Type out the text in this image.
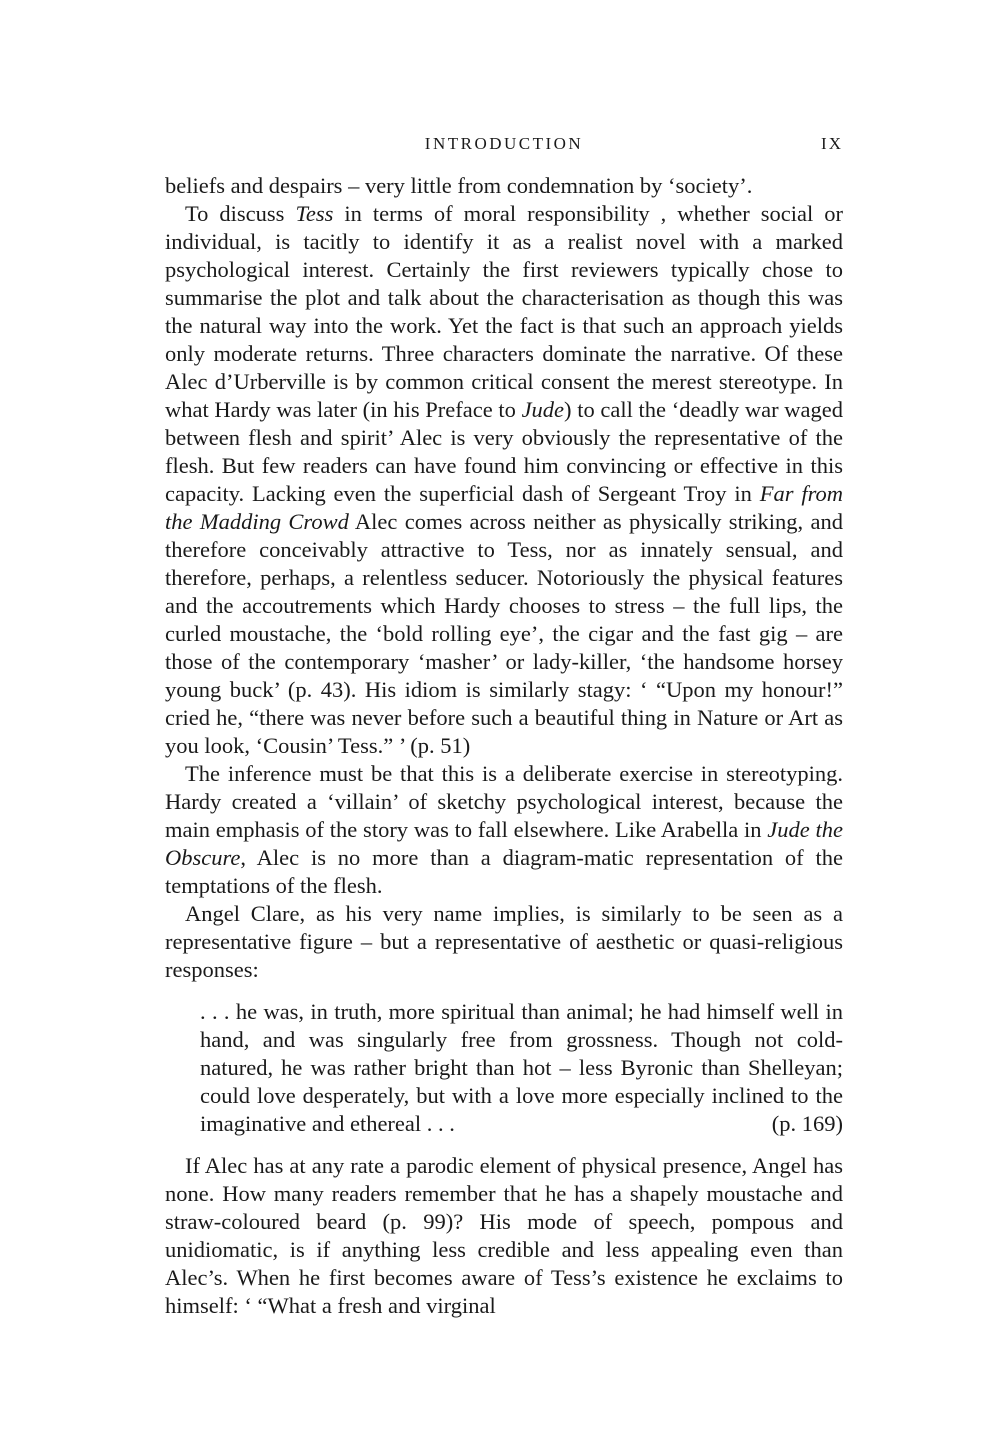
INTRODUCTION	IX

beliefs and despairs – very little from condemnation by ‘society’.

To discuss Tess in terms of moral responsibility , whether social or individual, is tacitly to identify it as a realist novel with a marked psychological interest. Certainly the first reviewers typically chose to summarise the plot and talk about the characterisation as though this was the natural way into the work. Yet the fact is that such an approach yields only moderate returns. Three characters dominate the narrative. Of these Alec d’Urberville is by common critical consent the merest stereotype. In what Hardy was later (in his Preface to Jude) to call the ‘deadly war waged between flesh and spirit’ Alec is very obviously the representative of the flesh. But few readers can have found him convincing or effective in this capacity. Lacking even the superficial dash of Sergeant Troy in Far from the Madding Crowd Alec comes across neither as physically striking, and therefore conceivably attractive to Tess, nor as innately sensual, and therefore, perhaps, a relentless seducer. Notoriously the physical features and the accoutrements which Hardy chooses to stress – the full lips, the curled moustache, the ‘bold rolling eye’, the cigar and the fast gig – are those of the contemporary ‘masher’ or lady-killer, ‘the handsome horsey young buck’ (p. 43). His idiom is similarly stagy: ‘ “Upon my honour!” cried he, “there was never before such a beautiful thing in Nature or Art as you look, ‘Cousin’ Tess.” ’ (p. 51)

The inference must be that this is a deliberate exercise in stereotyping. Hardy created a ‘villain’ of sketchy psychological interest, because the main emphasis of the story was to fall elsewhere. Like Arabella in Jude the Obscure, Alec is no more than a diagram-matic representation of the temptations of the flesh.

Angel Clare, as his very name implies, is similarly to be seen as a representative figure – but a representative of aesthetic or quasi-religious responses:

. . . he was, in truth, more spiritual than animal; he had himself well in hand, and was singularly free from grossness. Though not cold-natured, he was rather bright than hot – less Byronic than Shelleyan; could love desperately, but with a love more especially inclined to the imaginative and ethereal . . .	(p. 169)

If Alec has at any rate a parodic element of physical presence, Angel has none. How many readers remember that he has a shapely moustache and straw-coloured beard (p. 99)? His mode of speech, pompous and unidiomatic, is if anything less credible and less appealing even than Alec’s. When he first becomes aware of Tess’s existence he exclaims to himself: ‘ “What a fresh and virginal
